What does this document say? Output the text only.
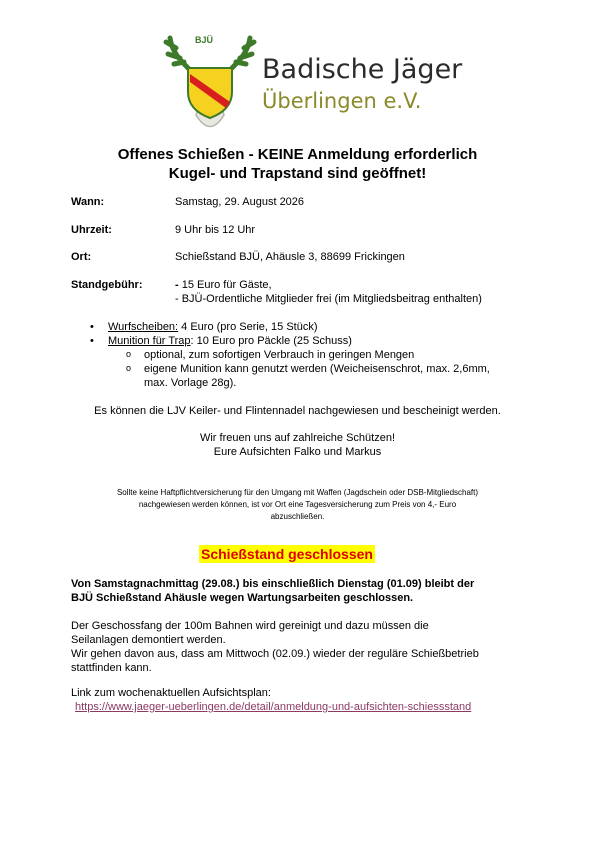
BJÜ
Badische Jäger
Überlingen e.V.
Offenes Schießen - KEINE Anmeldung erforderlich
Kugel- und Trapstand sind geöffnet!
Wann:	Samstag, 29. August 2026
Uhrzeit:	9 Uhr bis 12 Uhr
Ort:	Schießstand BJÜ, Ahäusle 3, 88699 Frickingen
Standgebühr:	- 15 Euro für Gäste,
- BJÜ-Ordentliche Mitglieder frei (im Mitgliedsbeitrag enthalten)
• Wurfscheiben: 4 Euro (pro Serie, 15 Stück)
• Munition für Trap: 10 Euro pro Päckle (25 Schuss)
o optional, zum sofortigen Verbrauch in geringen Mengen
o eigene Munition kann genutzt werden (Weicheisenschrot, max. 2,6mm,
max. Vorlage 28g).
Es können die LJV Keiler- und Flintennadel nachgewiesen und bescheinigt werden.
Wir freuen uns auf zahlreiche Schützen!
Eure Aufsichten Falko und Markus
Sollte keine Haftpflichtversicherung für den Umgang mit Waffen (Jagdschein oder DSB-Mitgliedschaft)
nachgewiesen werden können, ist vor Ort eine Tagesversicherung zum Preis von 4,- Euro
abzuschließen.
Schießstand geschlossen
Von Samstagnachmittag (29.08.) bis einschließlich Dienstag (01.09) bleibt der
BJÜ Schießstand Ahäusle wegen Wartungsarbeiten geschlossen.
Der Geschossfang der 100m Bahnen wird gereinigt und dazu müssen die
Seilanlagen demontiert werden.
Wir gehen davon aus, dass am Mittwoch (02.09.) wieder der reguläre Schießbetrieb
stattfinden kann.
Link zum wochenaktuellen Aufsichtsplan:
https://www.jaeger-ueberlingen.de/detail/anmeldung-und-aufsichten-schiessstand
